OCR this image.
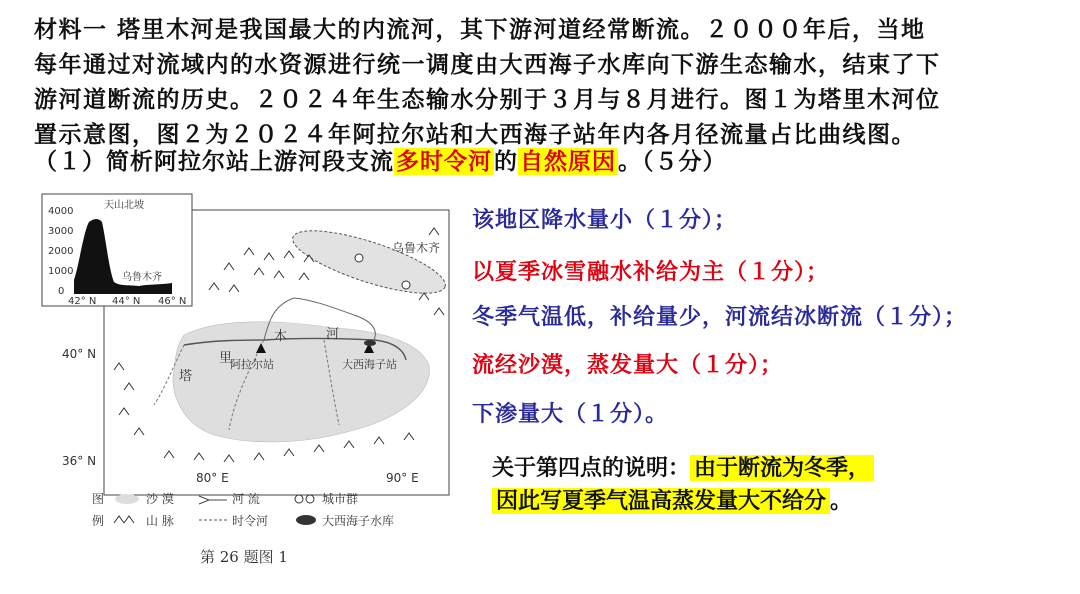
材料一 塔里木河是我国最大的内流河，其下游河道经常断流。２０００年后，当地

每年通过对流域内的水资源进行统一调度由大西海子水库向下游生态输水，结束了下

游河道断流的历史。２０２４年生态输水分别于３月与８月进行。图１为塔里木河位

置示意图，图２为２０２４年阿拉尔站和大西海子站年内各月径流量占比曲线图。

（１）简析阿拉尔站上游河段支流多时令河的自然原因。（５分）
该地区降水量小（１分）；
以夏季冰雪融水补给为主（１分）；
冬季气温低，补给量少，河流结冰断流（１分）；
流经沙漠，蒸发量大（１分）；
下渗量大（１分）。
关于第四点的说明： 由于断流为冬季，
因此写夏季气温高蒸发量大不给分 。
天山北坡
乌鲁木齐
4000
3000
2000
1000
0
42° N 44° N 46° N
乌鲁木齐
40° N
36° N
80° E	90° E
塔
里
木	河
阿拉尔站	大西海子站
图
例
沙 漠	河 流	城市群
山 脉	时令河	大西海子水库
第 26 题图 1
